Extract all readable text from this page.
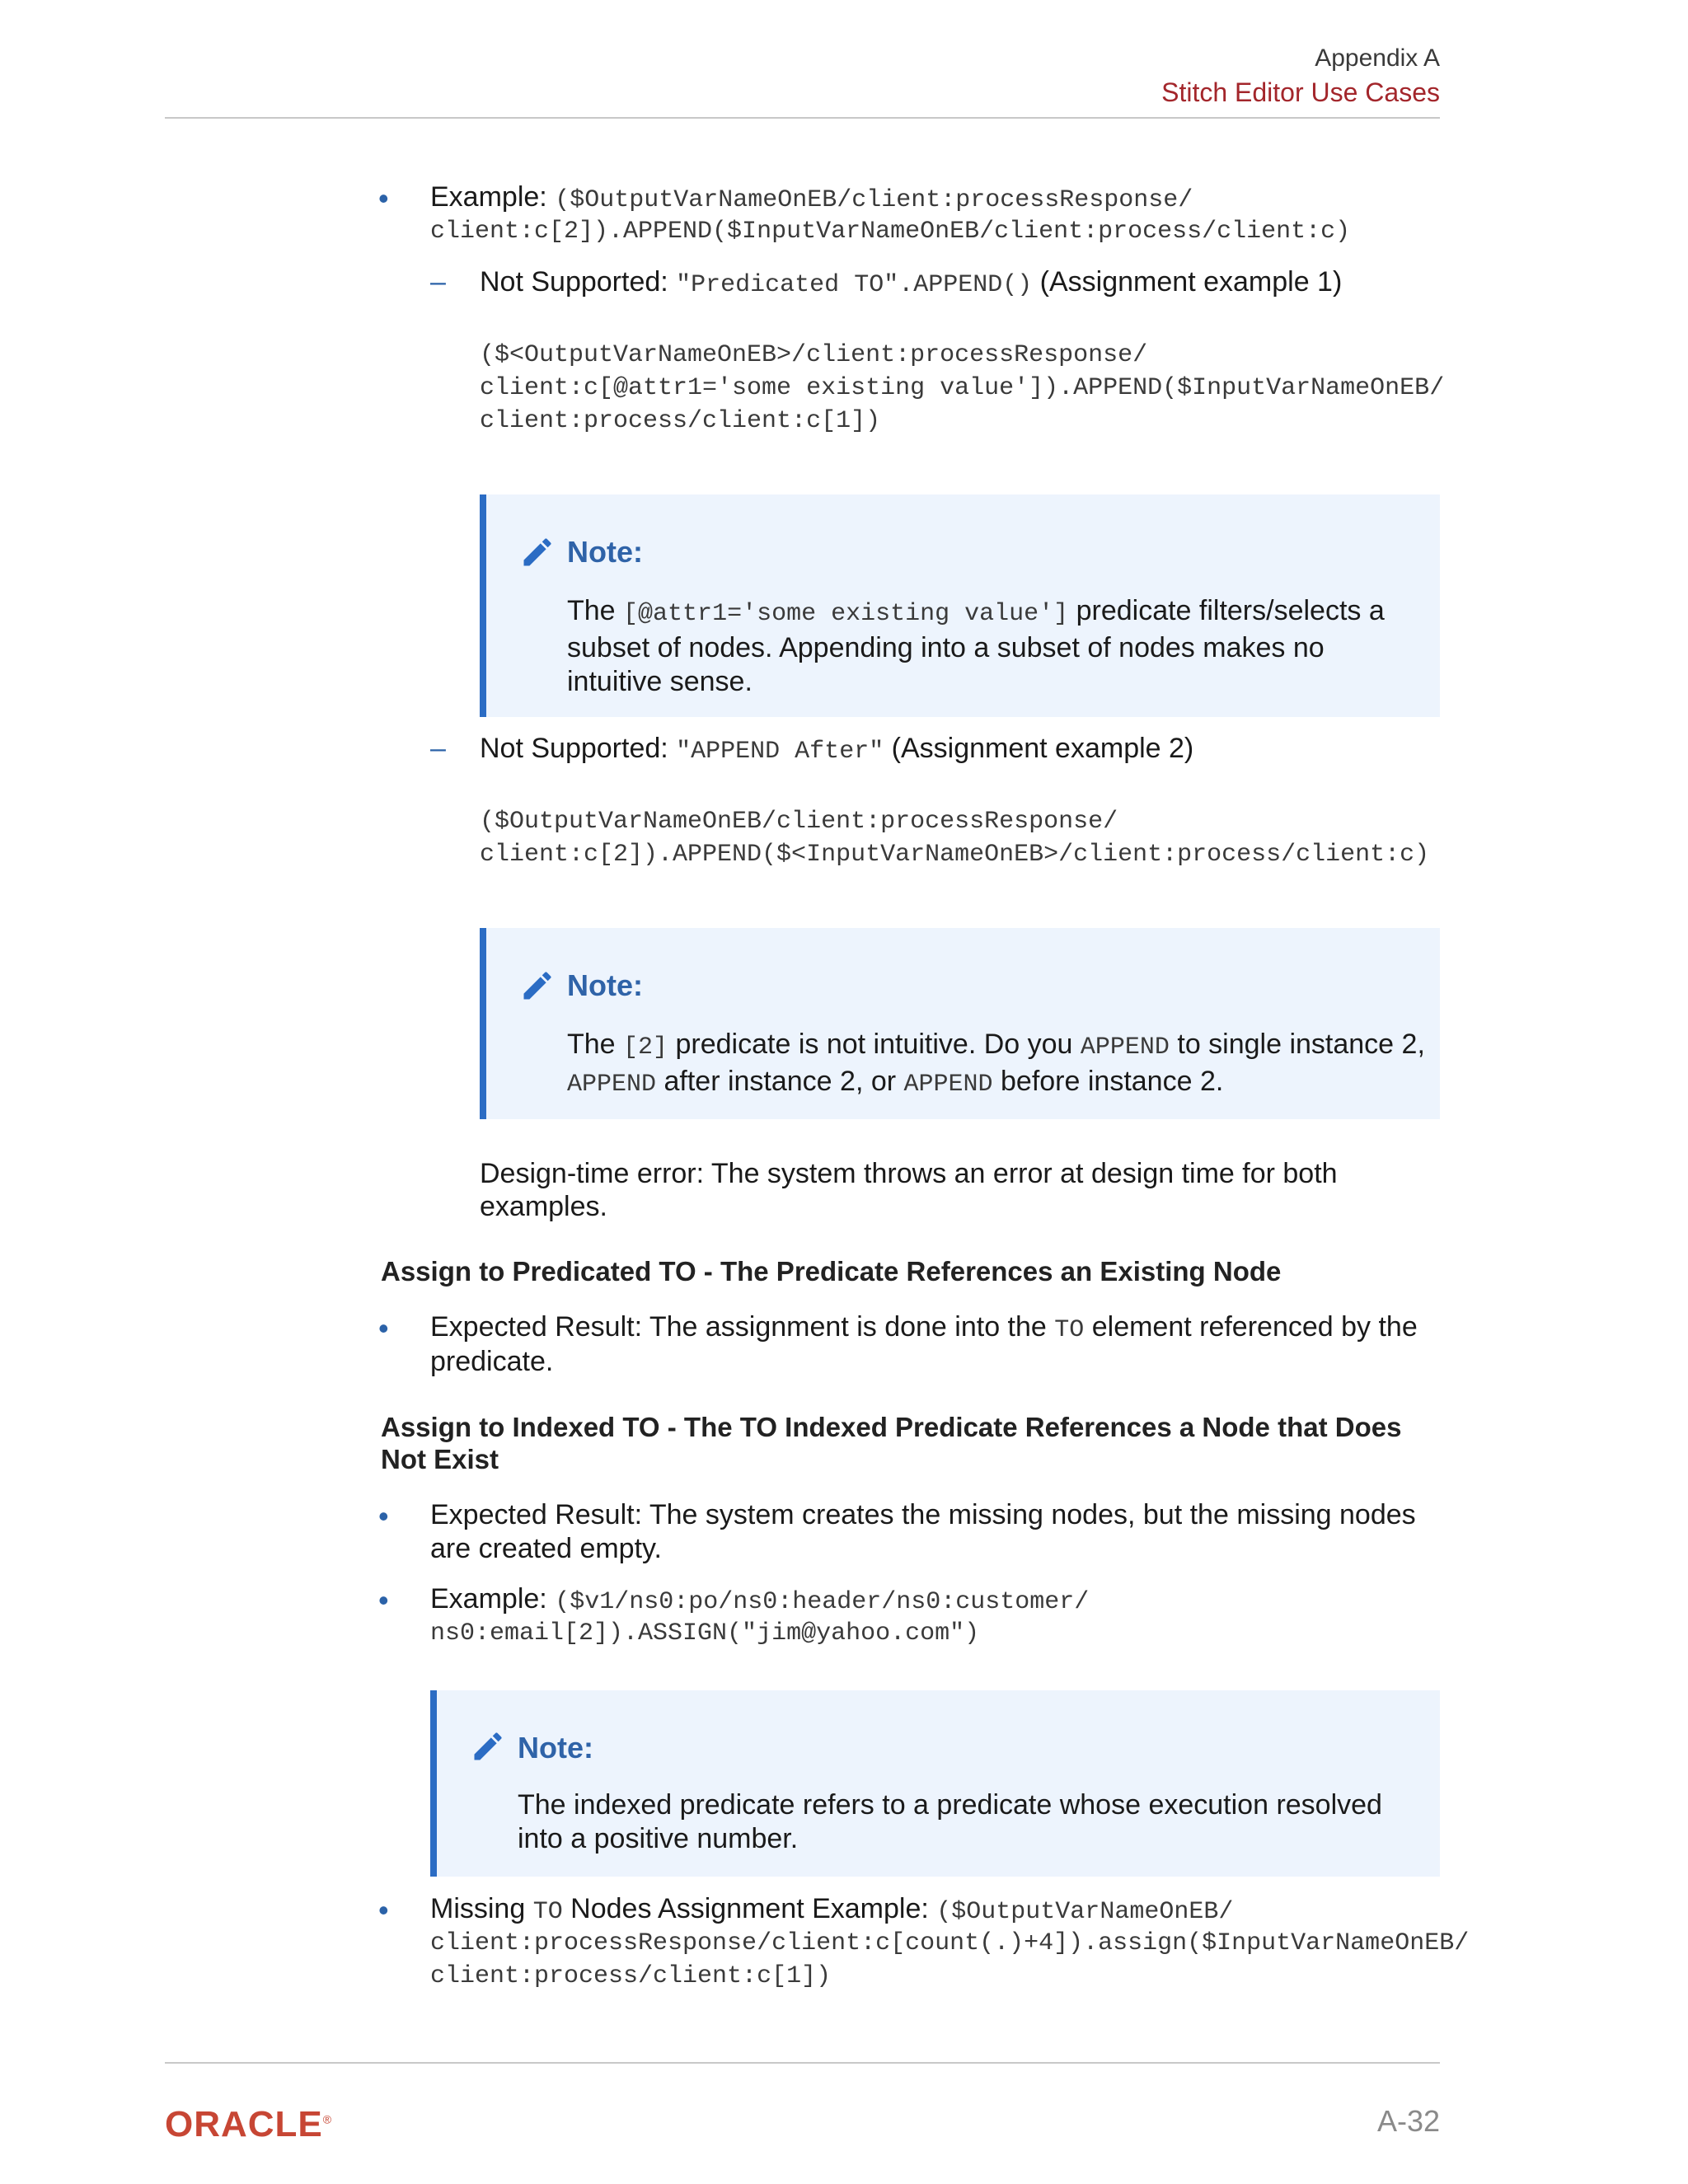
Appendix A
Stitch Editor Use Cases
• Example: ($OutputVarNameOnEB/client:processResponse/
client:c[2]).APPEND($InputVarNameOnEB/client:process/client:c)
– Not Supported: "Predicated TO".APPEND() (Assignment example 1)
($<OutputVarNameOnEB>/client:processResponse/
client:c[@attr1='some existing value']).APPEND($InputVarNameOnEB/
client:process/client:c[1])
Note:
The [@attr1='some existing value'] predicate filters/selects a
subset of nodes. Appending into a subset of nodes makes no
intuitive sense.
– Not Supported: "APPEND After" (Assignment example 2)
($OutputVarNameOnEB/client:processResponse/
client:c[2]).APPEND($<InputVarNameOnEB>/client:process/client:c)
Note:
The [2] predicate is not intuitive. Do you APPEND to single instance 2,
APPEND after instance 2, or APPEND before instance 2.
Design-time error: The system throws an error at design time for both
examples.
Assign to Predicated TO - The Predicate References an Existing Node
• Expected Result: The assignment is done into the TO element referenced by the
predicate.
Assign to Indexed TO - The TO Indexed Predicate References a Node that Does
Not Exist
• Expected Result: The system creates the missing nodes, but the missing nodes
are created empty.
• Example: ($v1/ns0:po/ns0:header/ns0:customer/
ns0:email[2]).ASSIGN("jim@yahoo.com")
Note:
The indexed predicate refers to a predicate whose execution resolved
into a positive number.
• Missing TO Nodes Assignment Example: ($OutputVarNameOnEB/
client:processResponse/client:c[count(.)+4]).assign($InputVarNameOnEB/
client:process/client:c[1])
ORACLE®	A-32
